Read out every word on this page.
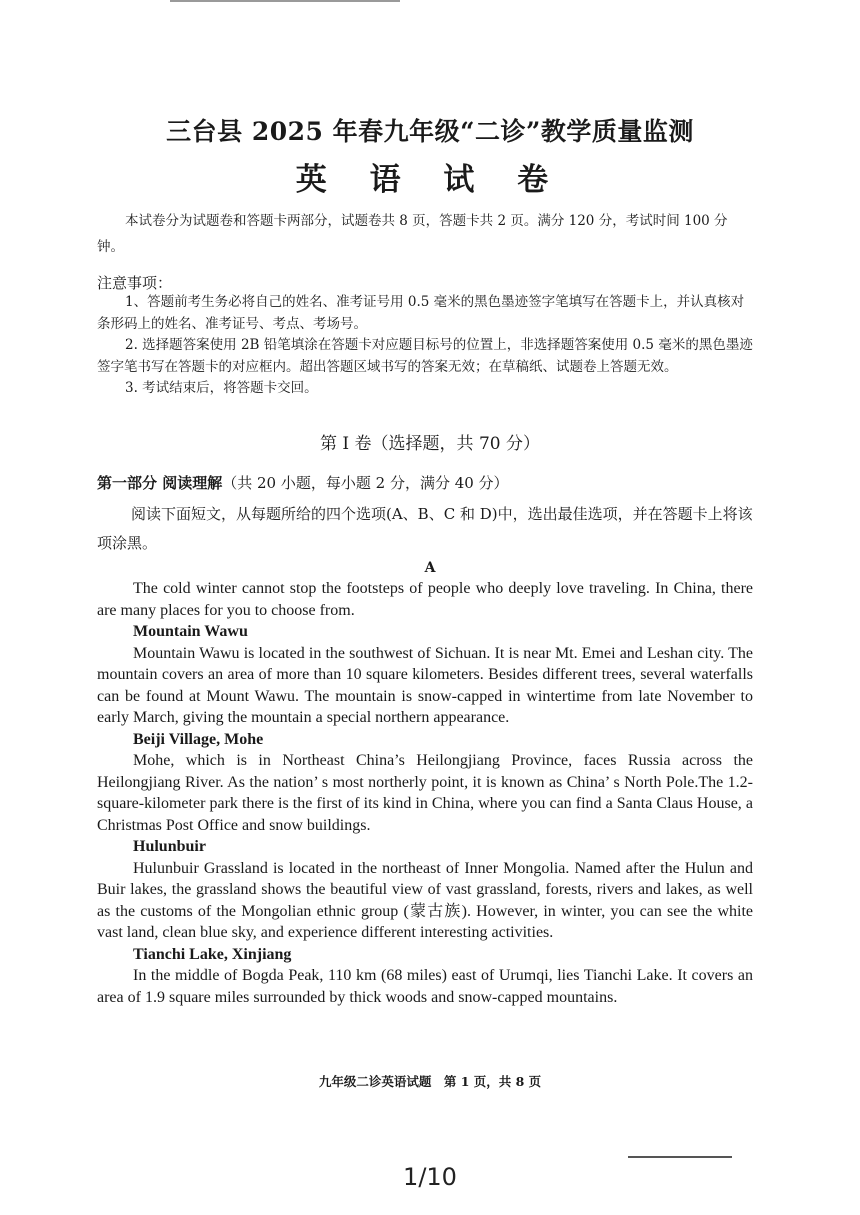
三台县 2025 年春九年级“二诊”教学质量监测
英 语 试 卷
本试卷分为试题卷和答题卡两部分，试题卷共 8 页，答题卡共 2 页。满分 120 分，考试时间 100 分钟。
注意事项：

1、答题前考生务必将自己的姓名、准考证号用 0.5 毫米的黑色墨迹签字笔填写在答题卡上，并认真核对条形码上的姓名、准考证号、考点、考场号。

2. 选择题答案使用 2B 铅笔填涂在答题卡对应题目标号的位置上，非选择题答案使用 0.5 毫米的黑色墨迹签字笔书写在答题卡的对应框内。超出答题区域书写的答案无效；在草稿纸、试题卷上答题无效。

3. 考试结束后，将答题卡交回。

第 I 卷（选择题，共 70 分）
第一部分 阅读理解（共 20 小题，每小题 2 分，满分 40 分）
阅读下面短文，从每题所给的四个选项(A、B、C 和 D)中，选出最佳选项，并在答题卡上将该项涂黑。
A

The cold winter cannot stop the footsteps of people who deeply love traveling. In China, there are many places for you to choose from.

Mountain Wawu

Mountain Wawu is located in the southwest of Sichuan. It is near Mt. Emei and Leshan city. The mountain covers an area of more than 10 square kilometers. Besides different trees, several waterfalls can be found at Mount Wawu. The mountain is snow-capped in wintertime from late November to early March, giving the mountain a special northern appearance.

Beiji Village, Mohe

Mohe, which is in Northeast China’s Heilongjiang Province, faces Russia across the Heilongjiang River. As the nation’ s most northerly point, it is known as China’ s North Pole.The 1.2-square-kilometer park there is the first of its kind in China, where you can find a Santa Claus House, a Christmas Post Office and snow buildings.

Hulunbuir

Hulunbuir Grassland is located in the northeast of Inner Mongolia. Named after the Hulun and Buir lakes, the grassland shows the beautiful view of vast grassland, forests, rivers and lakes, as well as the customs of the Mongolian ethnic group (蒙古族). However, in winter, you can see the white vast land, clean blue sky, and experience different interesting activities.

Tianchi Lake, Xinjiang

In the middle of Bogda Peak, 110 km (68 miles) east of Urumqi, lies Tianchi Lake. It covers an area of 1.9 square miles surrounded by thick woods and snow-capped mountains.

九年级二诊英语试题　第 1 页，共 8 页
1/10
